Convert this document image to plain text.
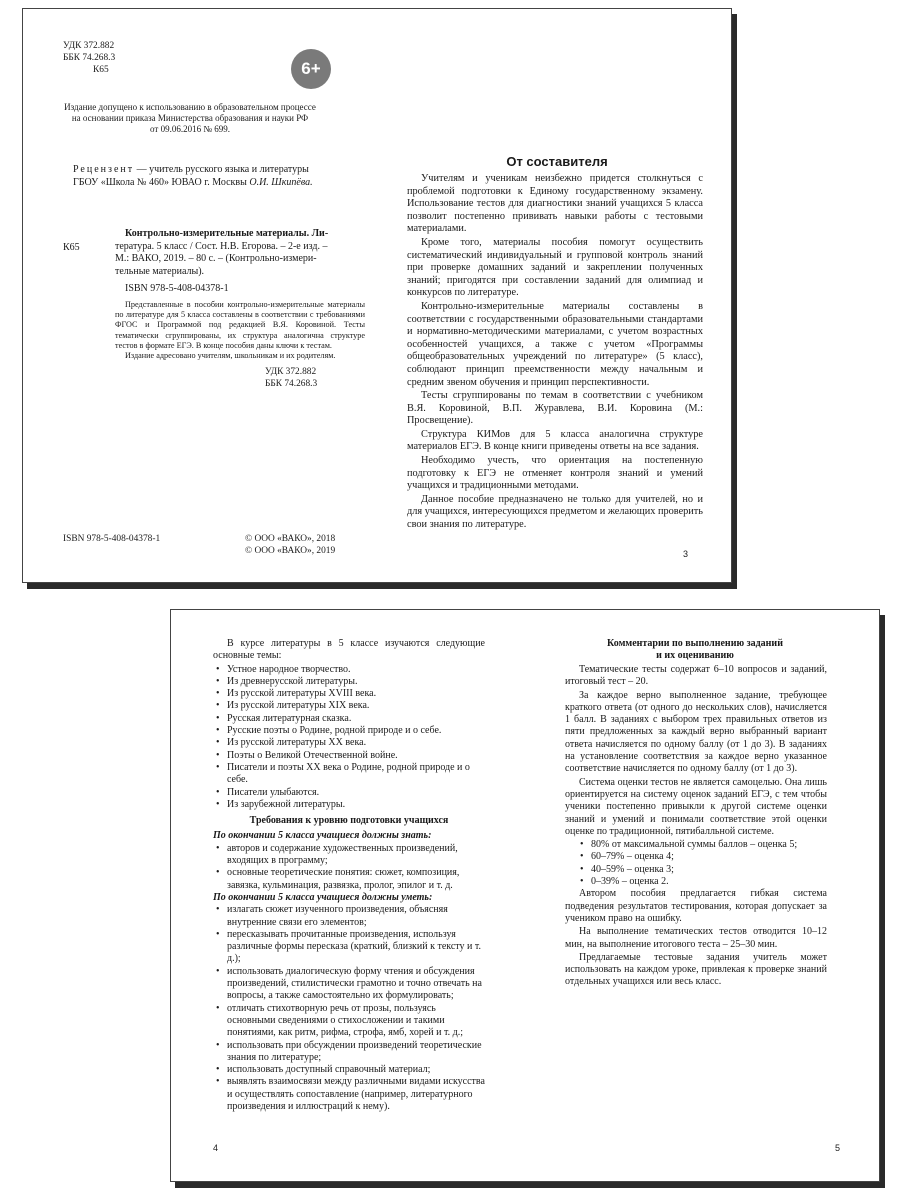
УДК 372.882
ББК 74.268.3
К65	6+
Издание допущено к использованию в образовательном процессе
на основании приказа Министерства образования и науки РФ
от 09.06.2016 № 699.
Рецензент — учитель русского языка и литературы
ГБОУ «Школа № 460» ЮВАО г. Москвы О.И. Шкипёва.
К65
Контрольно-измерительные материалы. Ли-
тература. 5 класс / Сост. Н.В. Егорова. – 2-е изд. –
М.: ВАКО, 2019. – 80 с. – (Контрольно-измери-
тельные материалы).
ISBN 978-5-408-04378-1
Представленные в пособии контрольно-измерительные материалы по литературе для 5 класса составлены в соответствии с требованиями ФГОС и Программой под редакцией В.Я. Коровиной. Тесты тематически сгруппированы, их структура аналогична структуре тестов в формате ЕГЭ. В конце пособия даны ключи к тестам.
Издание адресовано учителям, школьникам и их родителям.
УДК 372.882
ББК 74.268.3
ISBN 978-5-408-04378-1	© ООО «ВАКО», 2018
© ООО «ВАКО», 2019
От составителя

Учителям и ученикам неизбежно придется столкнуться с проблемой подготовки к Единому государственному экзамену. Использование тестов для диагностики знаний учащихся 5 класса позволит постепенно прививать навыки работы с тестовыми материалами.

Кроме того, материалы пособия помогут осуществить систематический индивидуальный и групповой контроль знаний при проверке домашних заданий и закреплении полученных знаний; пригодятся при составлении заданий для олимпиад и конкурсов по литературе.

Контрольно-измерительные материалы составлены в соответствии с государственными образовательными стандартами и нормативно-методическими материалами, с учетом возрастных особенностей учащихся, а также с учетом «Программы общеобразовательных учреждений по литературе» (5 класс), соблюдают принцип преемственности между начальным и средним звеном обучения и принцип перспективности.

Тесты сгруппированы по темам в соответствии с учебником В.Я. Коровиной, В.П. Журавлева, В.И. Коровина (М.: Просвещение).

Структура КИМов для 5 класса аналогична структуре материалов ЕГЭ. В конце книги приведены ответы на все задания.

Необходимо учесть, что ориентация на постепенную подготовку к ЕГЭ не отменяет контроля знаний и умений учащихся и традиционными методами.

Данное пособие предназначено не только для учителей, но и для учащихся, интересующихся предметом и желающих проверить свои знания по литературе.

3

В курсе литературы в 5 классе изучаются следующие основные темы:

• Устное народное творчество.
• Из древнерусской литературы.
• Из русской литературы XVIII века.
• Из русской литературы XIX века.
• Русская литературная сказка.
• Русские поэты о Родине, родной природе и о себе.
• Из русской литературы XX века.
• Поэты о Великой Отечественной войне.
• Писатели и поэты XX века о Родине, родной природе и о себе.
• Писатели улыбаются.
• Из зарубежной литературы.
Требования к уровню подготовки учащихся
По окончании 5 класса учащиеся должны знать:
• авторов и содержание художественных произведений, входящих в программу;
• основные теоретические понятия: сюжет, композиция, завязка, кульминация, развязка, пролог, эпилог и т. д.
По окончании 5 класса учащиеся должны уметь:
• излагать сюжет изученного произведения, объясняя внутренние связи его элементов;
• пересказывать прочитанные произведения, используя различные формы пересказа (краткий, близкий к тексту и т. д.);
• использовать диалогическую форму чтения и обсуждения произведений, стилистически грамотно и точно отвечать на вопросы, а также самостоятельно их формулировать;
• отличать стихотворную речь от прозы, пользуясь основными сведениями о стихосложении и такими понятиями, как ритм, рифма, строфа, ямб, хорей и т. д.;
• использовать при обсуждении произведений теоретические знания по литературе;
• использовать доступный справочный материал;
• выявлять взаимосвязи между различными видами искусства и осуществлять сопоставление (например, литературного произведения и иллюстраций к нему).
4
Комментарии по выполнению заданий
и их оцениванию

Тематические тесты содержат 6–10 вопросов и заданий, итоговый тест – 20.

За каждое верно выполненное задание, требующее краткого ответа (от одного до нескольких слов), начисляется 1 балл. В заданиях с выбором трех правильных ответов из пяти предложенных за каждый верно выбранный вариант ответа начисляется по одному баллу (от 1 до 3). В заданиях на установление соответствия за каждое верно указанное соответствие начисляется по одному баллу (от 1 до 3).

Система оценки тестов не является самоцелью. Она лишь ориентируется на систему оценок заданий ЕГЭ, с тем чтобы ученики постепенно привыкли к другой системе оценки знаний и умений и понимали соответствие этой оценки оценке по традиционной, пятибалльной системе.

• 80% от максимальной суммы баллов – оценка 5;
• 60–79% – оценка 4;
• 40–59% – оценка 3;
• 0–39% – оценка 2.

Автором пособия предлагается гибкая система подведения результатов тестирования, которая допускает за учеником право на ошибку.

На выполнение тематических тестов отводится 10–12 мин, на выполнение итогового теста – 25–30 мин.

Предлагаемые тестовые задания учитель может использовать на каждом уроке, привлекая к проверке знаний отдельных учащихся или весь класс.

5
